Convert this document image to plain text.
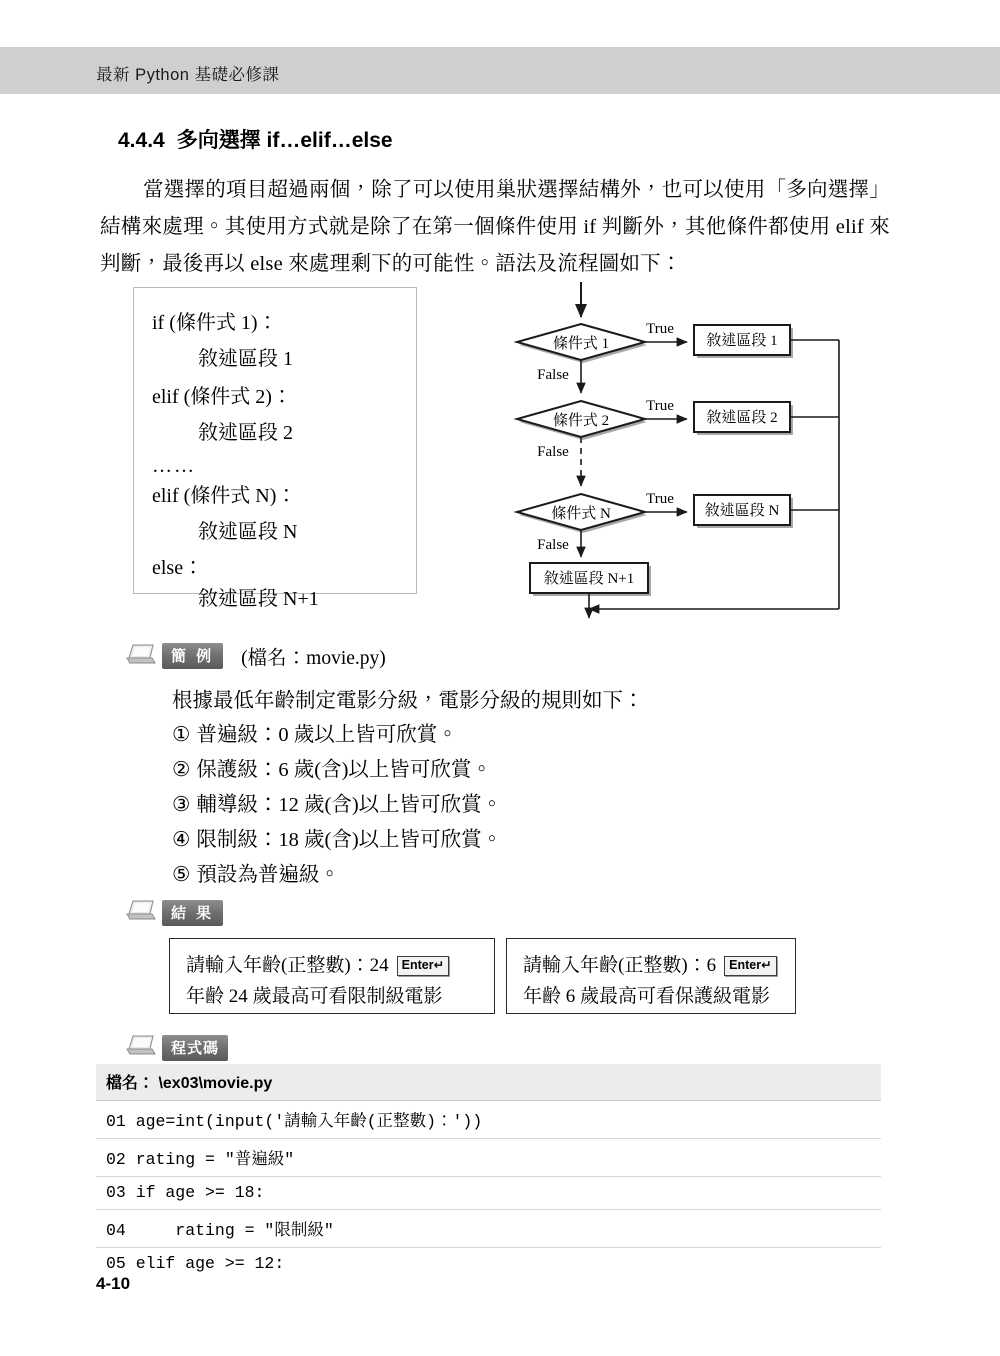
最新 Python 基礎必修課
4.4.4 多向選擇 if…elif…else
當選擇的項目超過兩個，除了可以使用巢狀選擇結構外，也可以使用「多向選擇」結構來處理。其使用方式就是除了在第一個條件使用 if 判斷外，其他條件都使用 elif 來判斷，最後再以 else 來處理剩下的可能性。語法及流程圖如下：
if (條件式 1)：
敘述區段 1
elif (條件式 2)：
敘述區段 2
……
elif (條件式 N)：
敘述區段 N
else：
敘述區段 N+1
條件式 1
True
敘述區段 1
False
條件式 2
True
敘述區段 2
False
條件式 N
True
敘述區段 N
False
敘述區段 N+1
簡 例 (檔名：movie.py)
根據最低年齡制定電影分級，電影分級的規則如下：
① 普遍級：0 歲以上皆可欣賞。
② 保護級：6 歲(含)以上皆可欣賞。
③ 輔導級：12 歲(含)以上皆可欣賞。
④ 限制級：18 歲(含)以上皆可欣賞。
⑤ 預設為普遍級。
結 果
請輸入年齡(正整數)：24 Enter↵
年齡 24 歲最高可看限制級電影
請輸入年齡(正整數)：6 Enter↵
年齡 6 歲最高可看保護級電影
程式碼
檔名： \ex03\movie.py
01 age=int(input('請輸入年齡(正整數)：'))
02 rating = "普遍級"
03 if age >= 18:
04     rating = "限制級"
05 elif age >= 12:
4-10
